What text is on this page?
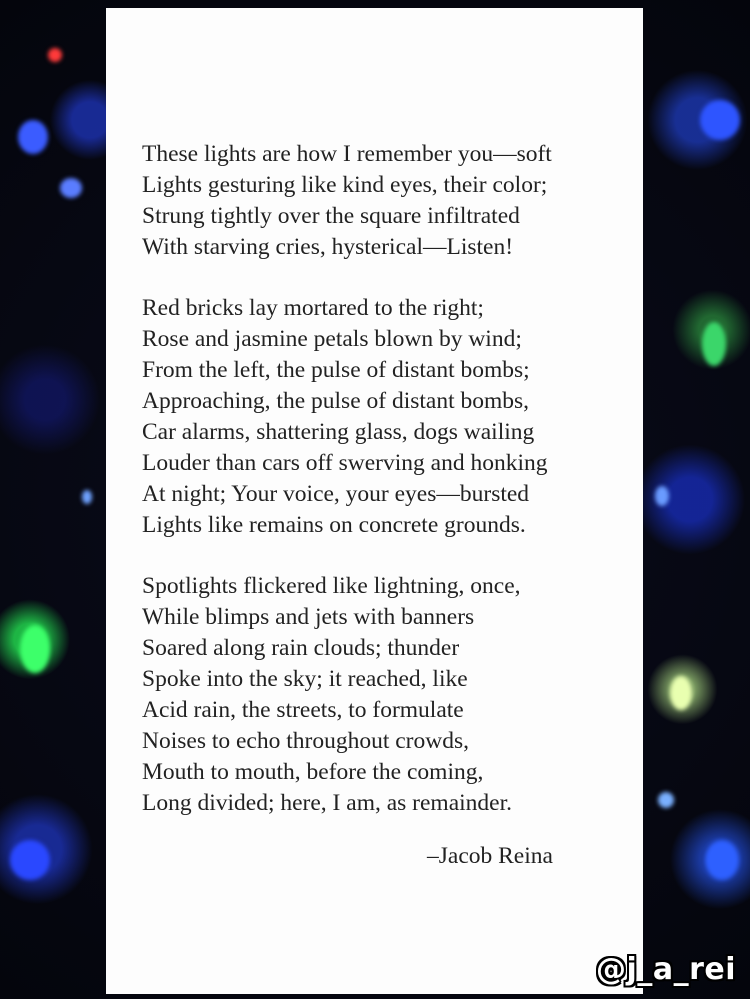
These lights are how I remember you—soft
Lights gesturing like kind eyes, their color;
Strung tightly over the square infiltrated
With starving cries, hysterical—Listen!
Red bricks lay mortared to the right;
Rose and jasmine petals blown by wind;
From the left, the pulse of distant bombs;
Approaching, the pulse of distant bombs,
Car alarms, shattering glass, dogs wailing
Louder than cars off swerving and honking
At night; Your voice, your eyes—bursted
Lights like remains on concrete grounds.
Spotlights flickered like lightning, once,
While blimps and jets with banners
Soared along rain clouds; thunder
Spoke into the sky; it reached, like
Acid rain, the streets, to formulate
Noises to echo throughout crowds,
Mouth to mouth, before the coming,
Long divided; here, I am, as remainder.
–Jacob Reina
@j_a_rei
